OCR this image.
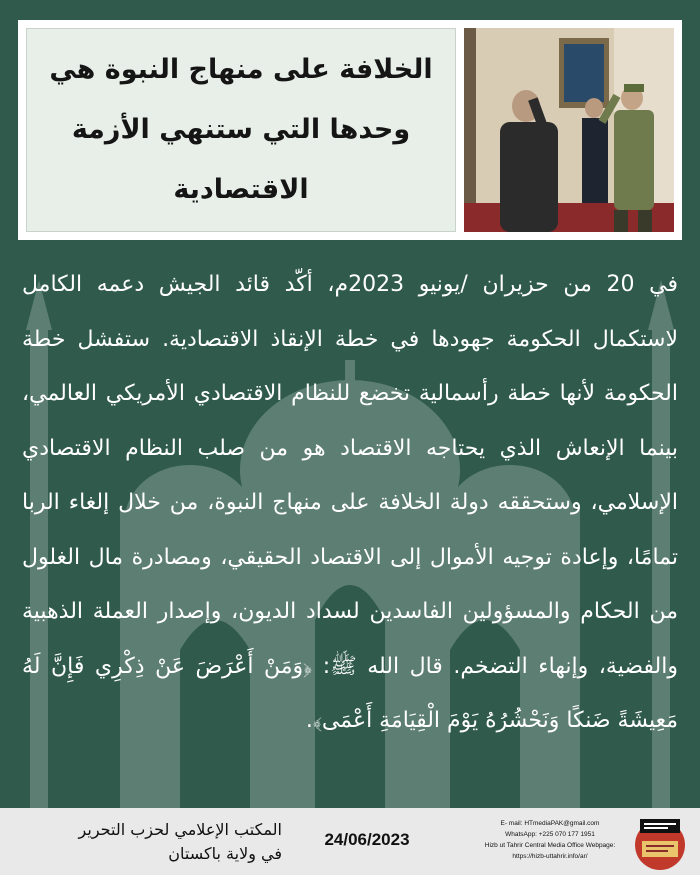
الخلافة على منهاج النبوة هي
وحدها التي ستنهي الأزمة
الاقتصادية
في 20 من حزيران /يونيو 2023م، أكّد قائد الجيش دعمه الكامل لاستكمال الحكومة جهودها في خطة الإنقاذ الاقتصادية. ستفشل خطة الحكومة لأنها خطة رأسمالية تخضع للنظام الاقتصادي الأمريكي العالمي، بينما الإنعاش الذي يحتاجه الاقتصاد هو من صلب النظام الاقتصادي الإسلامي، وستحققه دولة الخلافة على منهاج النبوة، من خلال إلغاء الربا تمامًا، وإعادة توجيه الأموال إلى الاقتصاد الحقيقي، ومصادرة مال الغلول من الحكام والمسؤولين الفاسدين لسداد الديون، وإصدار العملة الذهبية والفضية، وإنهاء التضخم. قال الله ﷺ: ﴿وَمَنْ أَعْرَضَ عَنْ ذِكْرِي فَإِنَّ لَهُ مَعِيشَةً ضَنكًا وَنَحْشُرُهُ يَوْمَ الْقِيَامَةِ أَعْمَى﴾.
المكتب الإعلامي لحزب التحرير
في ولاية باكستان
24/06/2023
E- mail: HTmediaPAK@gmail.com
WhatsApp: +225 070 177 1951
Hizb ut Tahrir Central Media Office Webpage:
https://hizb-uttahrir.info/ar/
